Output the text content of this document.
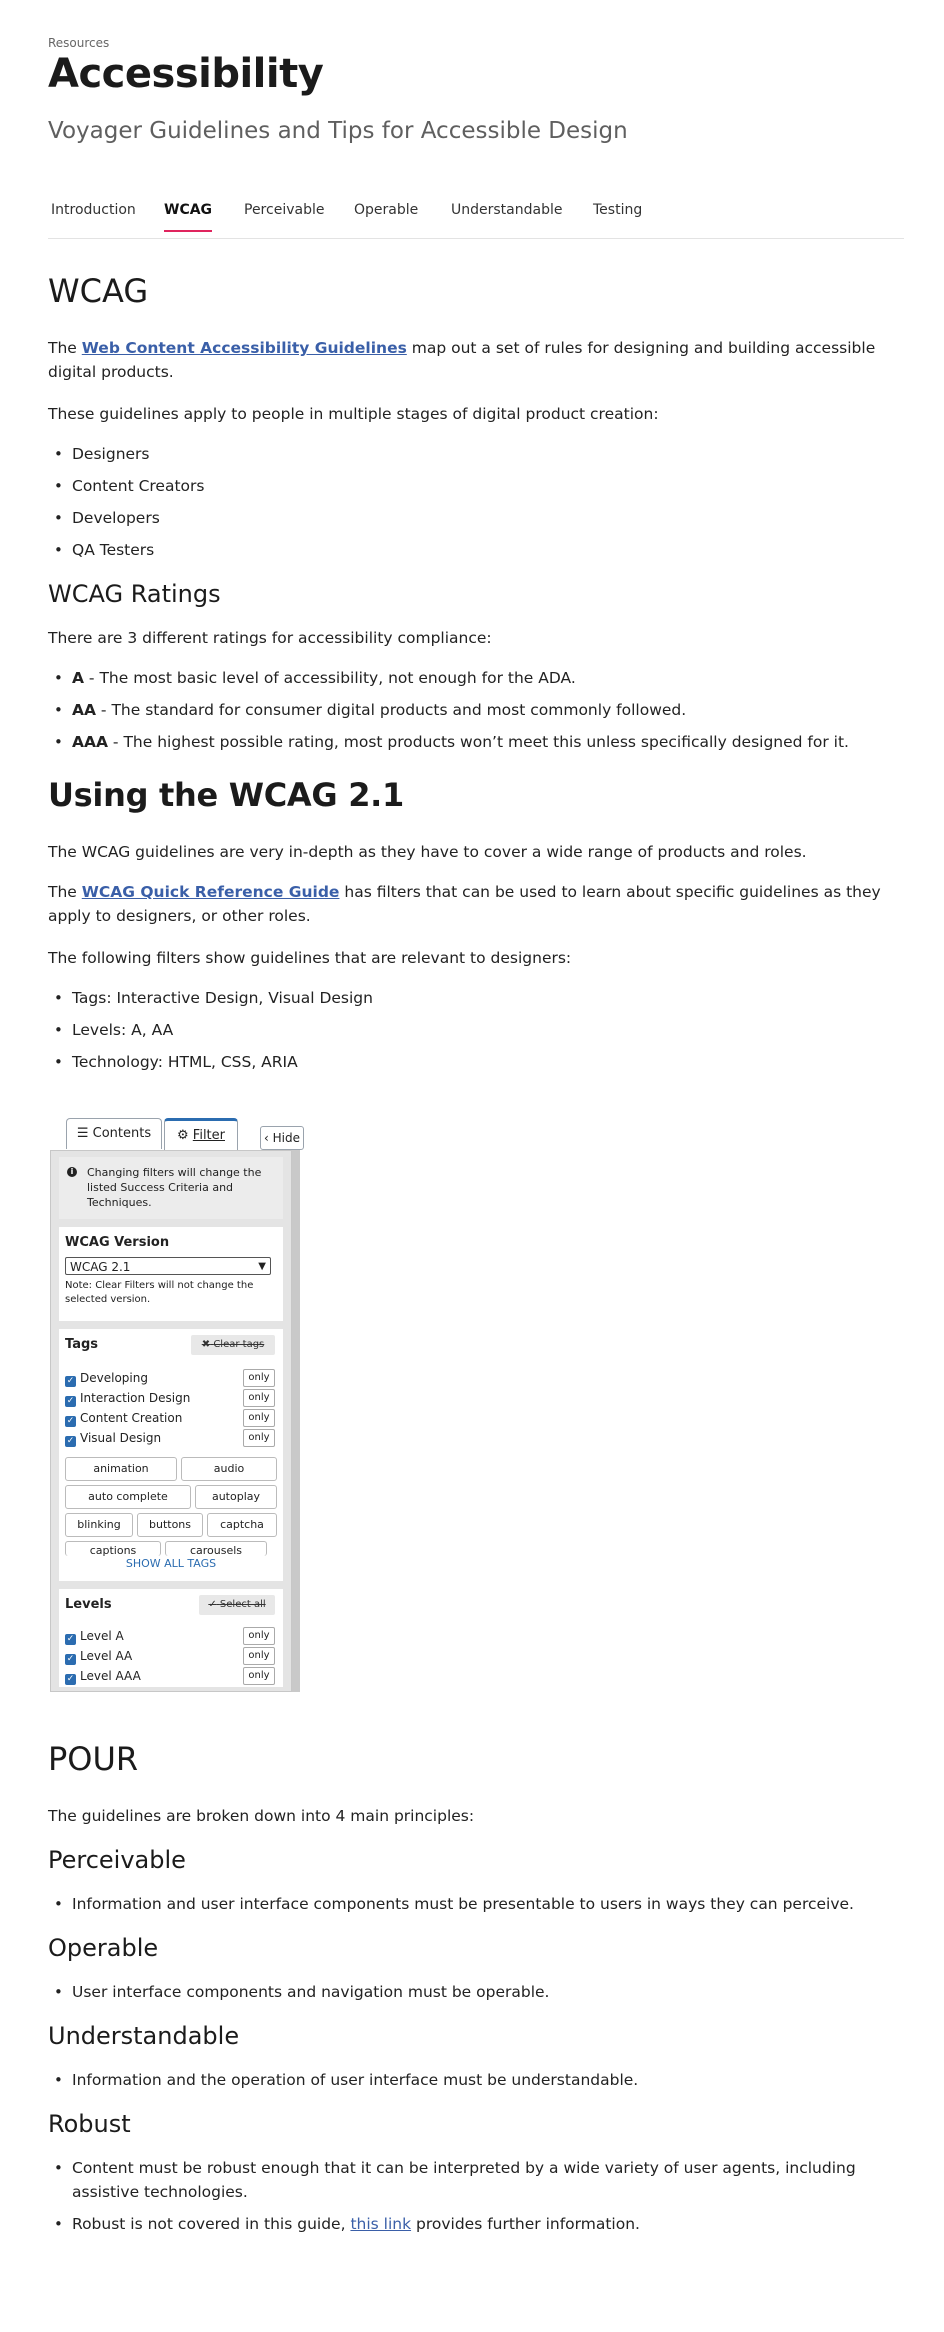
Resources
Accessibility
Voyager Guidelines and Tips for Accessible Design
Introduction WCAG Perceivable Operable Understandable Testing
WCAG

The Web Content Accessibility Guidelines map out a set of rules for designing and building accessible digital products.

These guidelines apply to people in multiple stages of digital product creation:

• Designers
• Content Creators
• Developers
• QA Testers
WCAG Ratings

There are 3 different ratings for accessibility compliance:

• A - The most basic level of accessibility, not enough for the ADA.
• AA - The standard for consumer digital products and most commonly followed.
• AAA - The highest possible rating, most products won’t meet this unless specifically designed for it.
Using the WCAG 2.1

The WCAG guidelines are very in-depth as they have to cover a wide range of products and roles.

The WCAG Quick Reference Guide has filters that can be used to learn about specific guidelines as they apply to designers, or other roles.

The following filters show guidelines that are relevant to designers:

• Tags: Interactive Design, Visual Design
• Levels: A, AA
• Technology: HTML, CSS, ARIA
☰ Contents	⚙ Filter	‹ Hide
i	Changing filters will change the listed Success Criteria and Techniques.
WCAG Version
WCAG 2.1	▼
Note: Clear Filters will not change the selected version.
Tags	✖ Clear tags
✓ Developing	only
✓ Interaction Design	only
✓ Content Creation	only
✓ Visual Design	only
animation	audio
auto complete	autoplay
blinking	buttons	captcha
captions	carousels
SHOW ALL TAGS
Levels	✓ Select all
✓ Level A	only
✓ Level AA	only
✓ Level AAA	only
POUR

The guidelines are broken down into 4 main principles:

Perceivable
• Information and user interface components must be presentable to users in ways they can perceive.
Operable
• User interface components and navigation must be operable.
Understandable
• Information and the operation of user interface must be understandable.
Robust
• Content must be robust enough that it can be interpreted by a wide variety of user agents, including assistive technologies.
• Robust is not covered in this guide, this link provides further information.
